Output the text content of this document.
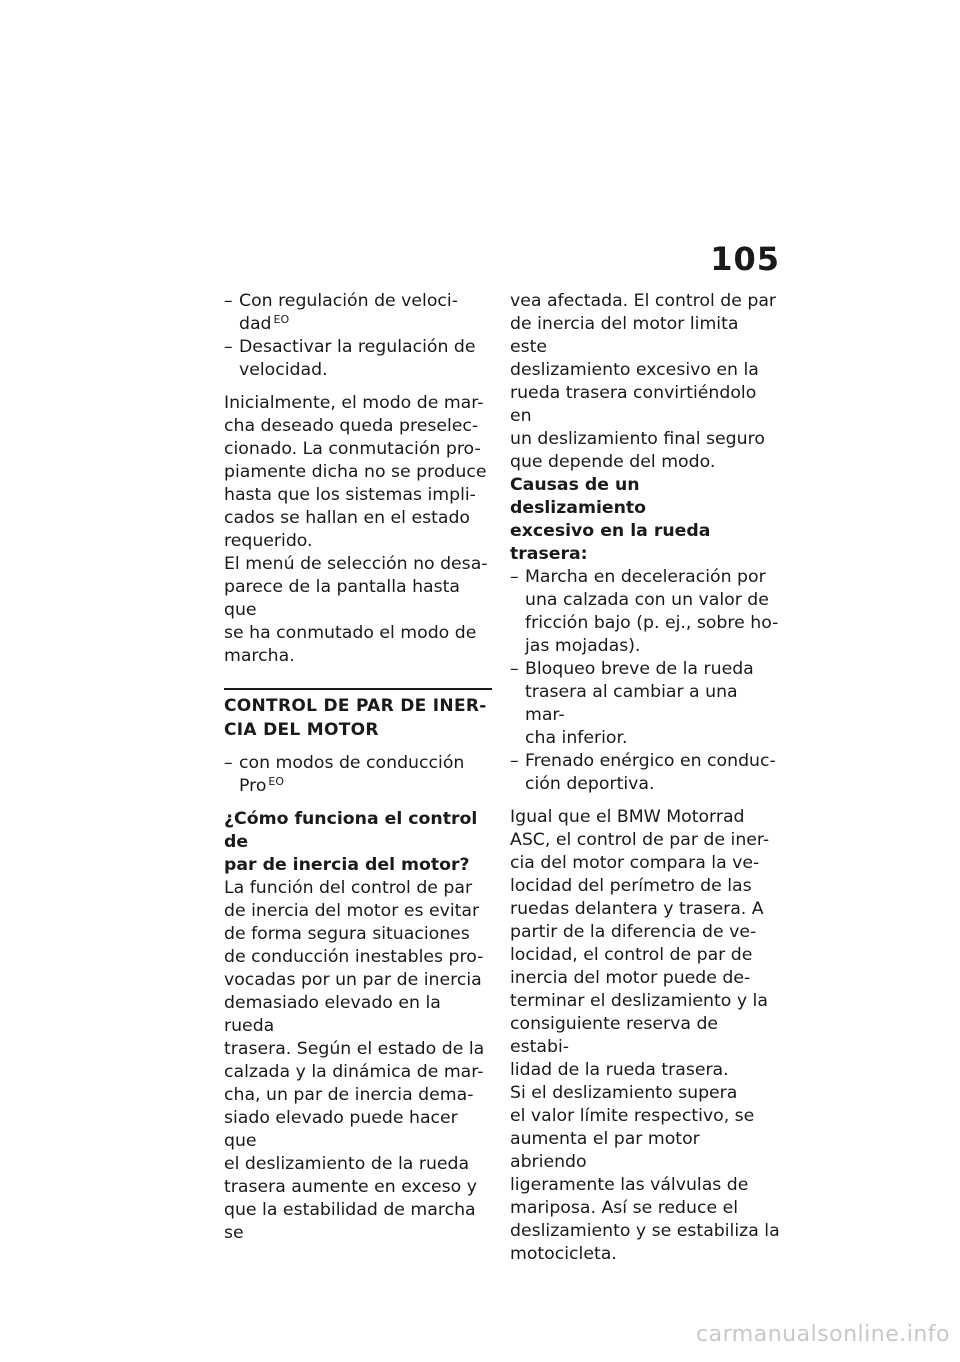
105

– Con regulación de veloci-
dad $^{EO}$

– Desactivar la regulación de
velocidad.

Inicialmente, el modo de mar-
cha deseado queda preselec-
cionado. La conmutación pro-
piamente dicha no se produce
hasta que los sistemas impli-
cados se hallan en el estado
requerido.

El menú de selección no desa-
parece de la pantalla hasta que
se ha conmutado el modo de
marcha.

CONTROL DE PAR DE INER-
CIA DEL MOTOR

– con modos de conducción
Pro $^{EO}$

¿Cómo funciona el control de
par de inercia del motor?

La función del control de par
de inercia del motor es evitar
de forma segura situaciones
de conducción inestables pro-
vocadas por un par de inercia
demasiado elevado en la rueda
trasera. Según el estado de la
calzada y la dinámica de mar-
cha, un par de inercia dema-
siado elevado puede hacer que
el deslizamiento de la rueda
trasera aumente en exceso y
que la estabilidad de marcha se

vea afectada. El control de par
de inercia del motor limita este
deslizamiento excesivo en la
rueda trasera convirtiéndolo en
un deslizamiento final seguro
que depende del modo.

Causas de un deslizamiento
excesivo en la rueda trasera:

– Marcha en deceleración por
una calzada con un valor de
fricción bajo (p. ej., sobre ho-
jas mojadas).

– Bloqueo breve de la rueda
trasera al cambiar a una mar-
cha inferior.

– Frenado enérgico en conduc-
ción deportiva.

Igual que el BMW Motorrad
ASC, el control de par de iner-
cia del motor compara la ve-
locidad del perímetro de las
ruedas delantera y trasera. A
partir de la diferencia de ve-
locidad, el control de par de
inercia del motor puede de-
terminar el deslizamiento y la
consiguiente reserva de estabi-
lidad de la rueda trasera.

Si el deslizamiento supera
el valor límite respectivo, se
aumenta el par motor abriendo
ligeramente las válvulas de
mariposa. Así se reduce el
deslizamiento y se estabiliza la
motocicleta.

carmanualsonline.info
